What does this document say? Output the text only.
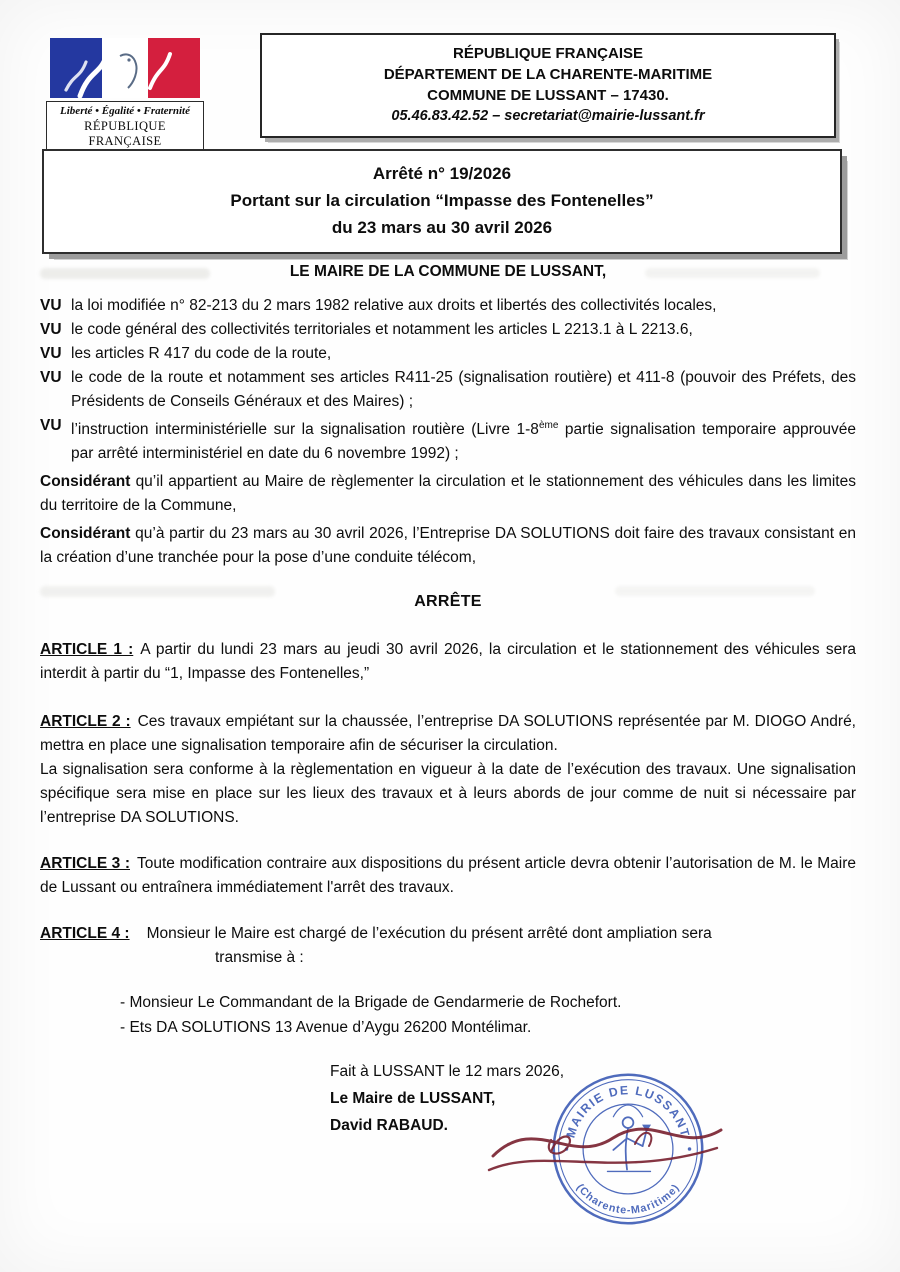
Liberté • Égalité • Fraternité
RÉPUBLIQUE FRANÇAISE
RÉPUBLIQUE FRANÇAISE
DÉPARTEMENT DE LA CHARENTE-MARITIME
COMMUNE DE LUSSANT – 17430.
05.46.83.42.52 – secretariat@mairie-lussant.fr
Arrêté n° 19/2026
Portant sur la circulation “Impasse des Fontenelles”
du 23 mars au 30 avril 2026

LE MAIRE DE LA COMMUNE DE LUSSANT,

VU la loi modifiée n° 82-213 du 2 mars 1982 relative aux droits et libertés des collectivités locales,

VU le code général des collectivités territoriales et notamment les articles L 2213.1 à L 2213.6,

VU les articles R 417 du code de la route,

VU le code de la route et notamment ses articles R411-25 (signalisation routière) et 411-8 (pouvoir des Préfets, des Présidents de Conseils Généraux et des Maires) ;

VU l’instruction interministérielle sur la signalisation routière (Livre 1-8ème partie signalisation temporaire approuvée par arrêté interministériel en date du 6 novembre 1992) ;

Considérant qu’il appartient au Maire de règlementer la circulation et le stationnement des véhicules dans les limites du territoire de la Commune,

Considérant qu’à partir du 23 mars au 30 avril 2026, l’Entreprise DA SOLUTIONS doit faire des travaux consistant en la création d’une tranchée pour la pose d’une conduite télécom,

ARRÊTE

ARTICLE 1 : A partir du lundi 23 mars au jeudi 30 avril 2026, la circulation et le stationnement des véhicules sera interdit à partir du “1, Impasse des Fontenelles,”
ARTICLE 2 : Ces travaux empiétant sur la chaussée, l’entreprise DA SOLUTIONS représentée par M. DIOGO André, mettra en place une signalisation temporaire afin de sécuriser la circulation.
La signalisation sera conforme à la règlementation en vigueur à la date de l’exécution des travaux. Une signalisation spécifique sera mise en place sur les lieux des travaux et à leurs abords de jour comme de nuit si nécessaire par l’entreprise DA SOLUTIONS.
ARTICLE 3 : Toute modification contraire aux dispositions du présent article devra obtenir l’autorisation de M. le Maire de Lussant ou entraînera immédiatement l'arrêt des travaux.
ARTICLE 4 : Monsieur le Maire est chargé de l’exécution du présent arrêté dont ampliation sera
transmise à :
- Monsieur Le Commandant de la Brigade de Gendarmerie de Rochefort.
- Ets DA SOLUTIONS 13 Avenue d’Aygu 26200 Montélimar.
Fait à LUSSANT le 12 mars 2026,
Le Maire de LUSSANT,
David RABAUD.	MAIRIE DE LUSSANT
(Charente-Maritime)
